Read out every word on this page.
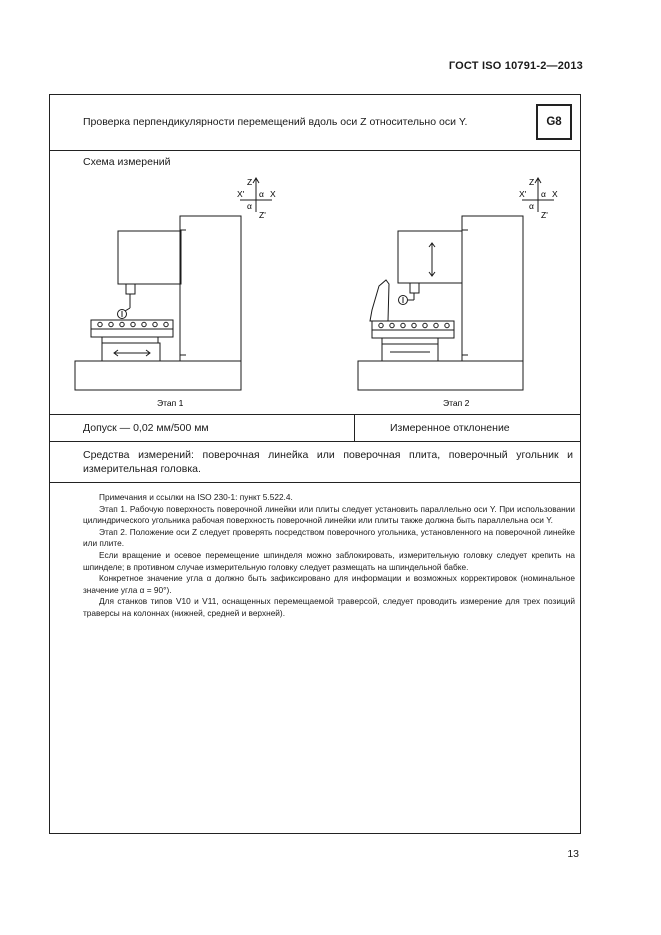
ГОСТ ISO 10791-2—2013
Проверка перпендикулярности перемещений вдоль оси Z относительно оси Y.	G8
Схема измерений
Z
X' α X
α
Z'
Z
X' α X
α
Z'
Этап 1	Этап 2
Допуск — 0,02 мм/500 мм	Измеренное отклонение
Средства измерений: поверочная линейка или поверочная плита, поверочный угольник и измерительная головка.

Примечания и ссылки на ISO 230-1: пункт 5.522.4.

Этап 1. Рабочую поверхность поверочной линейки или плиты следует установить параллельно оси Y. При использовании цилиндрического угольника рабочая поверхность поверочной линейки или плиты также должна быть параллельна оси Y.

Этап 2. Положение оси Z следует проверять посредством поверочного угольника, установленного на поверочной линейке или плите.

Если вращение и осевое перемещение шпинделя можно заблокировать, измерительную головку следует крепить на шпинделе; в противном случае измерительную головку следует размещать на шпиндельной бабке.

Конкретное значение угла α должно быть зафиксировано для информации и возможных корректировок (номинальное значение угла α = 90°).

Для станков типов V10 и V11, оснащенных перемещаемой траверсой, следует проводить измерение для трех позиций траверсы на колоннах (нижней, средней и верхней).

13
